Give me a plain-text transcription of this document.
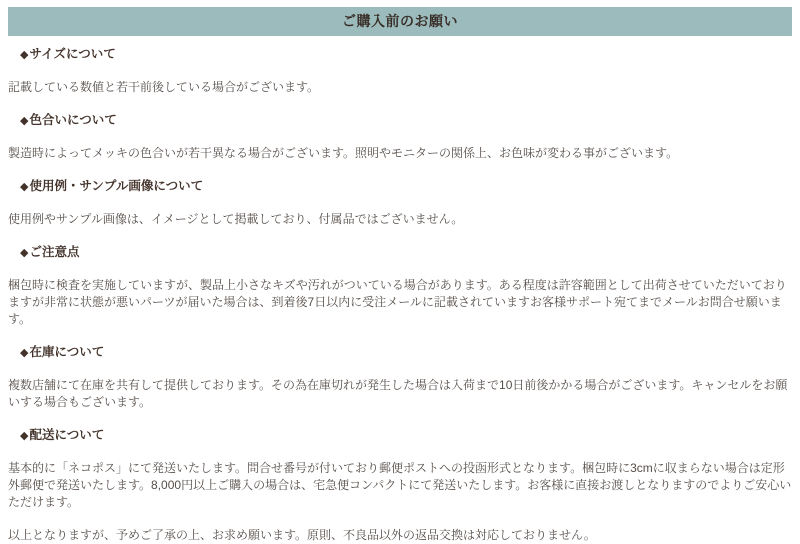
ご購入前のお願い
◆サイズについて

記載している数値と若干前後している場合がございます。

◆色合いについて

製造時によってメッキの色合いが若干異なる場合がございます。照明やモニターの関係上、お色味が変わる事がございます。

◆使用例・サンプル画像について

使用例やサンプル画像は、イメージとして掲載しており、付属品ではございません。

◆ご注意点

梱包時に検査を実施していますが、製品上小さなキズや汚れがついている場合があります。ある程度は許容範囲として出荷させていただいておりますが非常に状態が悪いパーツが届いた場合は、到着後7日以内に受注メールに記載されていますお客様サポート宛てまでメールお問合せ願います。

◆在庫について

複数店舗にて在庫を共有して提供しております。その為在庫切れが発生した場合は入荷まで10日前後かかる場合がございます。キャンセルをお願いする場合もございます。

◆配送について

基本的に「ネコポス」にて発送いたします。問合せ番号が付いており郵便ポストへの投函形式となります。梱包時に3cmに収まらない場合は定形外郵便で発送いたします。8,000円以上ご購入の場合は、宅急便コンパクトにて発送いたします。お客様に直接お渡しとなりますのでよりご安心いただけます。

以上となりますが、予めご了承の上、お求め願います。原則、不良品以外の返品交換は対応しておりません。
